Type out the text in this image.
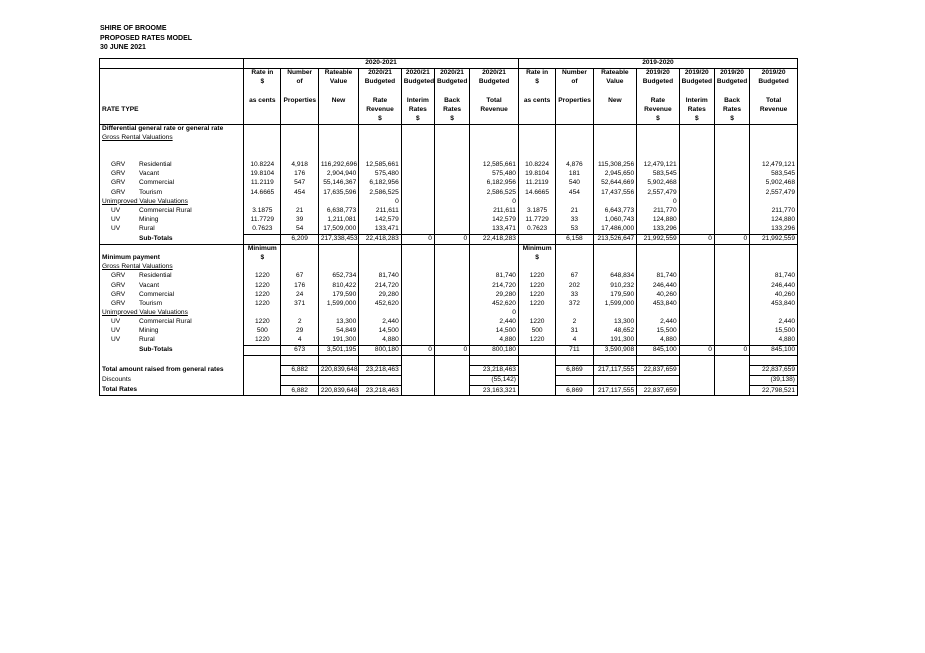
SHIRE OF BROOME
PROPOSED RATES MODEL
30 JUNE 2021
	2020-2021							2019-2020						
	Rate in	Number	Rateable	2020/21	2020/21	2020/21	2020/21	Rate in	Number	Rateable	2019/20	2019/20	2019/20	2019/20
	$	of	Value	Budgeted	Budgeted	Budgeted	Budgeted	$	of	Value	Budgeted	Budgeted	Budgeted	Budgeted

	as cents	Properties	New	Rate	Interim	Back	Total	as cents	Properties	New	Rate	Interim	Back	Total
RATE TYPE				Revenue	Rates	Rates	Revenue				Revenue	Rates	Rates	Revenue
				$	$	$					$	$	$	
Differential general rate or general rate														
Gross Rental Valuations														

GRV Residential	10.8224	4,918	116,292,696	12,585,661			12,585,661	10.8224	4,876	115,308,256	12,479,121			12,479,121
GRV Vacant	19.8104	176	2,904,940	575,480			575,480	19.8104	181	2,945,650	583,545			583,545
GRV Commercial	11.2119	547	55,146,367	6,182,956			6,182,956	11.2119	540	52,644,669	5,902,468			5,902,468
GRV Tourism	14.6665	454	17,635,596	2,586,525			2,586,525	14.6665	454	17,437,556	2,557,479			2,557,479
Unimproved Value Valuations				0			0				0			
UV Commercial Rural	3.1875	21	6,638,773	211,611			211,611	3.1875	21	6,643,773	211,770			211,770
UV Mining	11.7729	39	1,211,081	142,579			142,579	11.7729	33	1,060,743	124,880			124,880
UV Rural	0.7623	54	17,509,000	133,471			133,471	0.7623	53	17,486,000	133,296			133,296
Sub-Totals		6,209	217,338,453	22,418,283	0	0	22,418,283		6,158	213,526,647	21,992,559	0	0	21,992,559
	Minimum							Minimum						
Minimum payment	$							$						
Gross Rental Valuations														
GRV Residential	1220	67	652,734	81,740			81,740	1220	67	648,834	81,740			81,740
GRV Vacant	1220	176	810,422	214,720			214,720	1220	202	910,232	246,440			246,440
GRV Commercial	1220	24	179,590	29,280			29,280	1220	33	179,590	40,260			40,260
GRV Tourism	1220	371	1,599,000	452,620			452,620	1220	372	1,599,000	453,840			453,840
Unimproved Value Valuations							0							
UV Commercial Rural	1220	2	13,300	2,440			2,440	1220	2	13,300	2,440			2,440
UV Mining	500	29	54,849	14,500			14,500	500	31	48,652	15,500			15,500
UV Rural	1220	4	191,300	4,880			4,880	1220	4	191,300	4,880			4,880
Sub-Totals		673	3,501,195	800,180	0	0	800,180		711	3,590,908	845,100	0	0	845,100

Total amount raised from general rates		6,882	220,839,648	23,218,463			23,218,463		6,869	217,117,555	22,837,659			22,837,659
Discounts							(55,142)							(39,138)
Total Rates		6,882	220,839,648	23,218,463			23,163,321		6,869	217,117,555	22,837,659			22,798,521
